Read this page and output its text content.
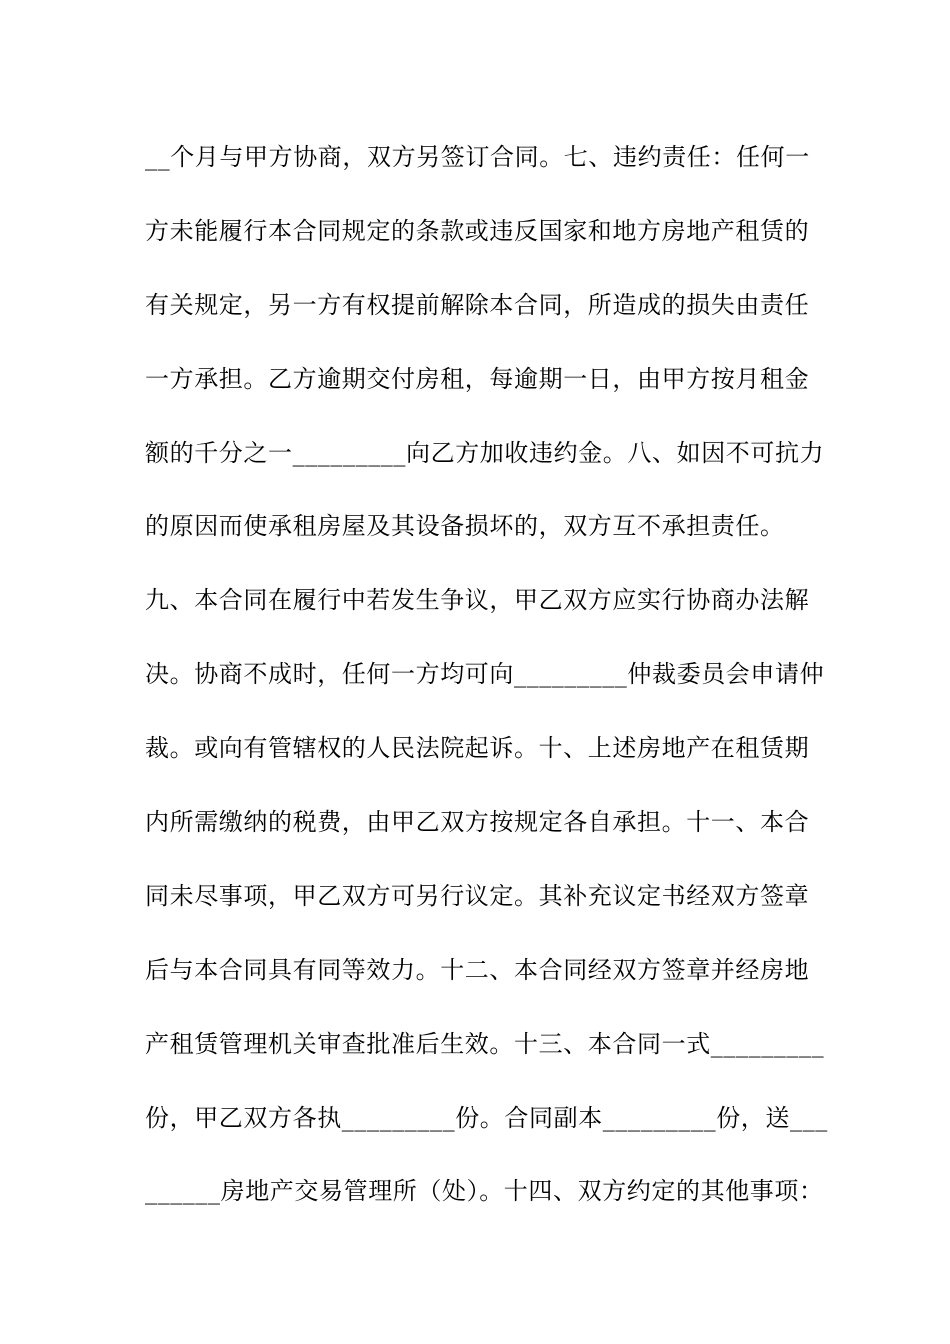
__个月与甲方协商，双方另签订合同。七、违约责任：任何一
方未能履行本合同规定的条款或违反国家和地方房地产租赁的
有关规定，另一方有权提前解除本合同，所造成的损失由责任
一方承担。乙方逾期交付房租，每逾期一日，由甲方按月租金
额的千分之一_________向乙方加收违约金。八、如因不可抗力
的原因而使承租房屋及其设备损坏的，双方互不承担责任。
九、本合同在履行中若发生争议，甲乙双方应实行协商办法解
决。协商不成时，任何一方均可向_________仲裁委员会申请仲
裁。或向有管辖权的人民法院起诉。十、上述房地产在租赁期
内所需缴纳的税费，由甲乙双方按规定各自承担。十一、本合
同未尽事项，甲乙双方可另行议定。其补充议定书经双方签章
后与本合同具有同等效力。十二、本合同经双方签章并经房地
产租赁管理机关审查批准后生效。十三、本合同一式_________
份，甲乙双方各执_________份。合同副本_________份，送___
______房地产交易管理所（处）。十四、双方约定的其他事项：
